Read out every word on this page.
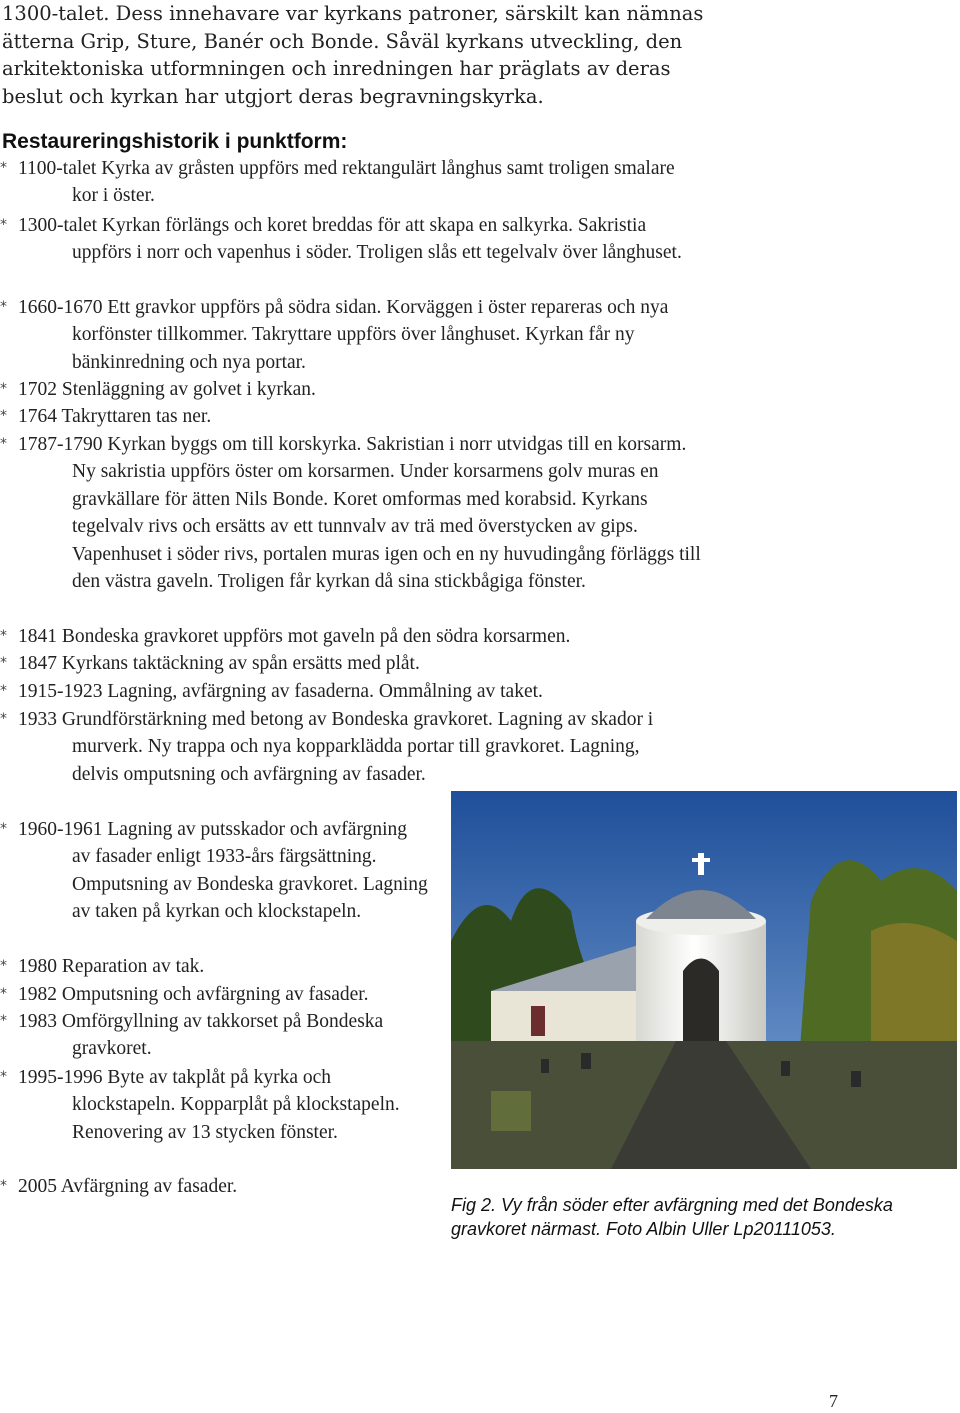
1300-talet. Dess innehavare var kyrkans patroner, särskilt kan nämnas ätterna Grip, Sture, Banér och Bonde. Såväl kyrkans utveckling, den arkitektoniska utformningen och inredningen har präglats av deras beslut och kyrkan har utgjort deras begravningskyrka.

Restaureringshistorik i punktform:
* 1100-talet Kyrka av gråsten uppförs med rektangulärt långhus samt troligen smalare kor i öster.
* 1300-talet Kyrkan förlängs och koret breddas för att skapa en salkyrka. Sakristia uppförs i norr och vapenhus i söder. Troligen slås ett tegelvalv över långhuset.
* 1660-1670 Ett gravkor uppförs på södra sidan. Korväggen i öster repareras och nya korfönster tillkommer. Takryttare uppförs över långhuset. Kyrkan får ny bänkinredning och nya portar.
* 1702 Stenläggning av golvet i kyrkan.
* 1764 Takryttaren tas ner.
* 1787-1790 Kyrkan byggs om till korskyrka. Sakristian i norr utvidgas till en korsarm. Ny sakristia uppförs öster om korsarmen. Under korsarmens golv muras en gravkällare för ätten Nils Bonde. Koret omformas med korabsid. Kyrkans tegelvalv rivs och ersätts av ett tunnvalv av trä med överstycken av gips. Vapenhuset i söder rivs, portalen muras igen och en ny huvudingång förläggs till den västra gaveln. Troligen får kyrkan då sina stickbågiga fönster.
* 1841 Bondeska gravkoret uppförs mot gaveln på den södra korsarmen.
* 1847 Kyrkans taktäckning av spån ersätts med plåt.
* 1915-1923 Lagning, avfärgning av fasaderna. Ommålning av taket.
* 1933 Grundförstärkning med betong av Bondeska gravkoret. Lagning av skador i murverk. Ny trappa och nya kopparklädda portar till gravkoret. Lagning, delvis omputsning och avfärgning av fasader.
* 1960-1961 Lagning av putsskador och avfärgning av fasader enligt 1933-års färgsättning. Omputsning av Bondeska gravkoret. Lagning av taken på kyrkan och klockstapeln.
* 1980 Reparation av tak.
* 1982 Omputsning och avfärgning av fasader.
* 1983 Omförgyllning av takkorset på Bondeska gravkoret.
* 1995-1996 Byte av takplåt på kyrka och klockstapeln. Kopparplåt på klockstapeln. Renovering av 13 stycken fönster.
* 2005 Avfärgning av fasader.

Fig 2. Vy från söder efter avfärgning med det Bondeska gravkoret närmast. Foto Albin Uller Lp20111053.

7
